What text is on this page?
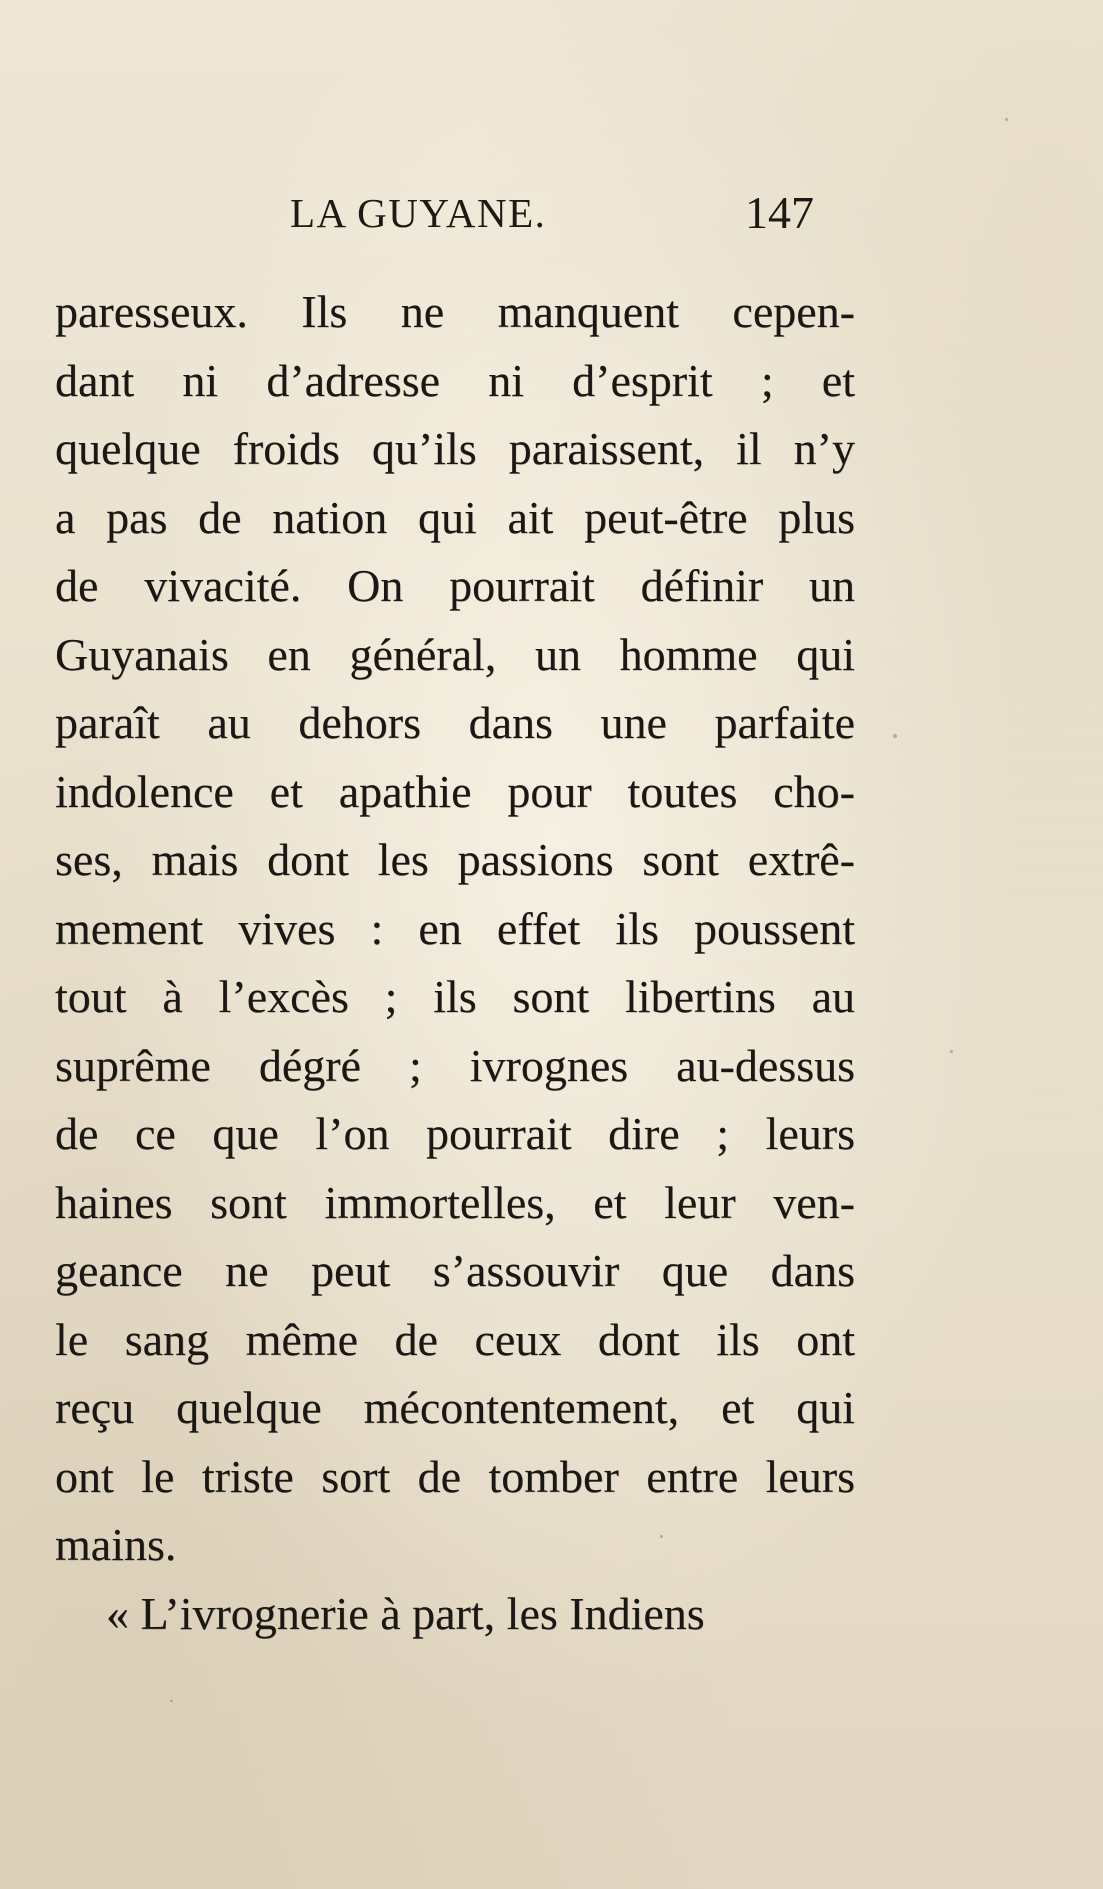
LA GUYANE.	147
paresseux. Ils ne manquent cepen-
dant ni d’adresse ni d’esprit ; et
quelque froids qu’ils paraissent, il n’y
a pas de nation qui ait peut-être plus
de vivacité. On pourrait définir un
Guyanais en général, un homme qui
paraît au dehors dans une parfaite
indolence et apathie pour toutes cho-
ses, mais dont les passions sont extrê-
mement vives : en effet ils poussent
tout à l’excès ; ils sont libertins au
suprême dégré ; ivrognes au-dessus
de ce que l’on pourrait dire ; leurs
haines sont immortelles, et leur ven-
geance ne peut s’assouvir que dans
le sang même de ceux dont ils ont
reçu quelque mécontentement, et qui
ont le triste sort de tomber entre leurs
mains.
« L’ivrognerie à part, les Indiens
